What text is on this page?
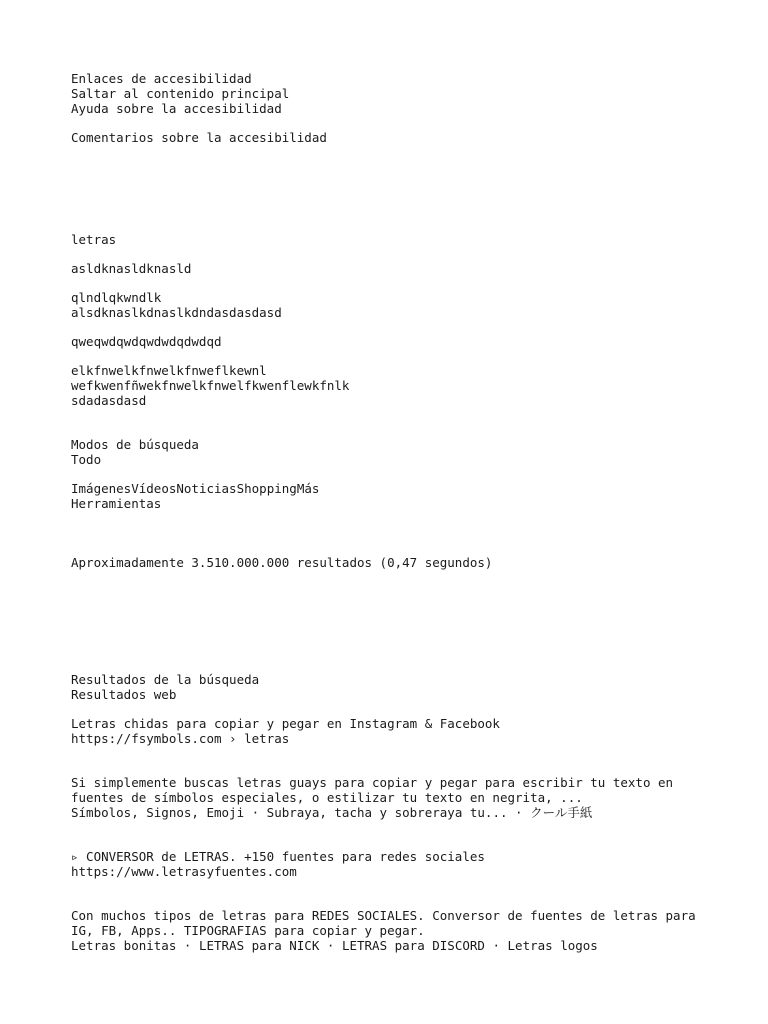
Enlaces de accesibilidad
Saltar al contenido principal
Ayuda sobre la accesibilidad
Comentarios sobre la accesibilidad
letras
asldknasldknasld
qlndlqkwndlk
alsdknaslkdnaslkdndasdasdasd
qweqwdqwdqwdwdqdwdqd
elkfnwelkfnwelkfnweflkewnl
wefkwenfñwekfnwelkfnwelfkwenflewkfnlk
sdadasdasd
Modos de búsqueda
Todo
ImágenesVídeosNoticiasShoppingMás
Herramientas
Aproximadamente 3.510.000.000 resultados (0,47 segundos)
Resultados de la búsqueda
Resultados web
Letras chidas para copiar y pegar en Instagram & Facebook
https://fsymbols.com › letras
Si simplemente buscas letras guays para copiar y pegar para escribir tu texto en
fuentes de símbolos especiales, o estilizar tu texto en negrita, ...
Símbolos, Signos, Emoji · Subraya, tacha y sobreraya tu... · クール手紙
▹ CONVERSOR de LETRAS. +150 fuentes para redes sociales
https://www.letrasyfuentes.com
Con muchos tipos de letras para REDES SOCIALES. Conversor de fuentes de letras para
IG, FB, Apps.. TIPOGRAFIAS para copiar y pegar.
Letras bonitas · LETRAS para NICK · LETRAS para DISCORD · Letras logos
